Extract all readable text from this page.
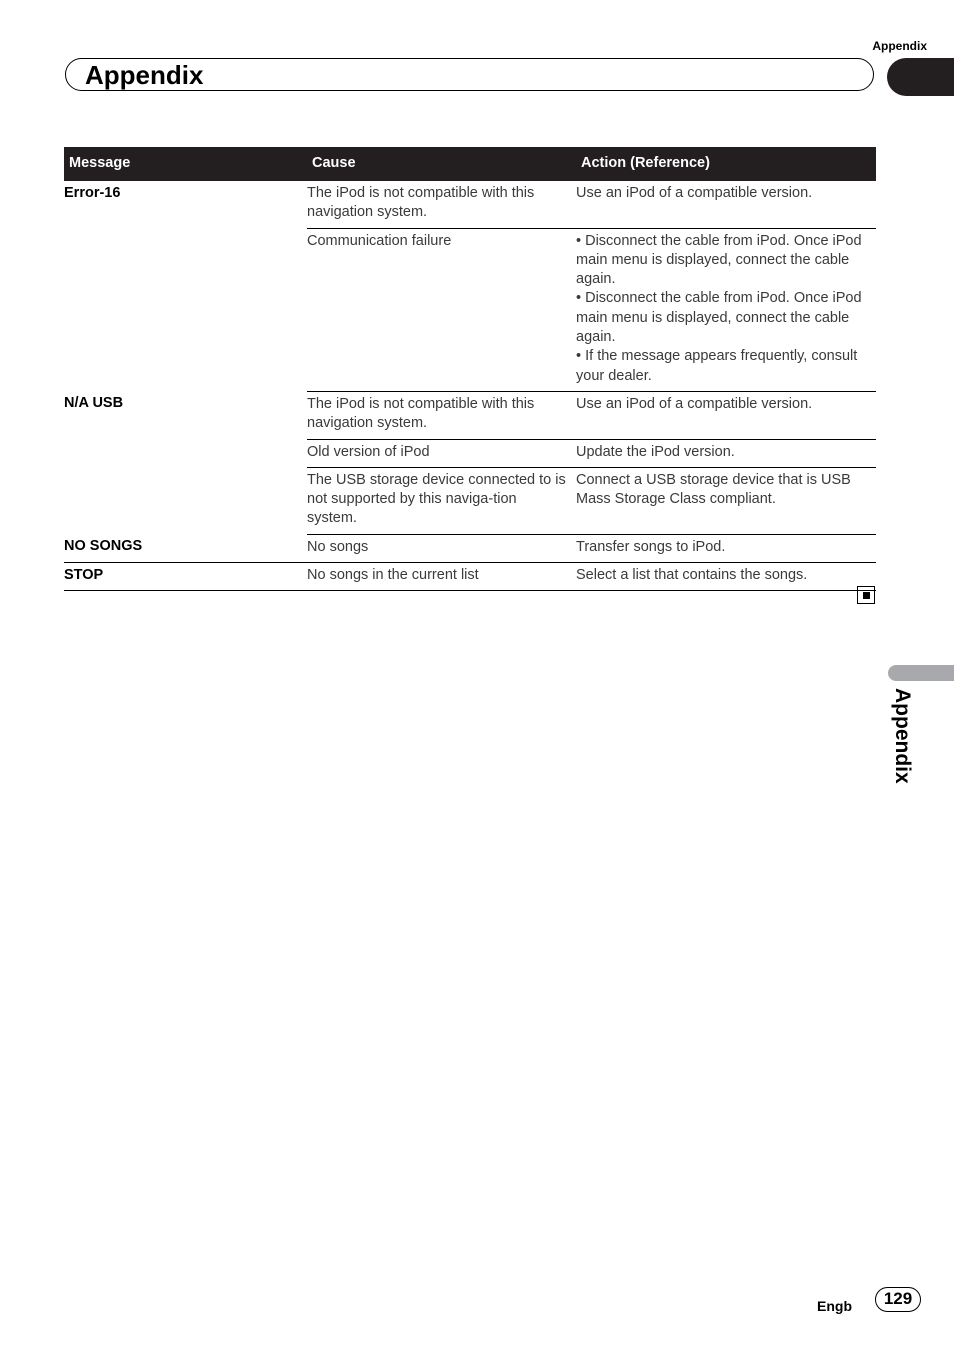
Appendix
Appendix
Message	Cause	Action (Reference)
Error-16	The iPod is not compatible with this navigation system.	Use an iPod of a compatible version.
	Communication failure	• Disconnect the cable from iPod. Once iPod main menu is displayed, connect the cable again.
• Disconnect the cable from iPod. Once iPod main menu is displayed, connect the cable again.
• If the message appears frequently, consult your dealer.

N/A USB	The iPod is not compatible with this navigation system.	Use an iPod of a compatible version.
	Old version of iPod	Update the iPod version.
	The USB storage device connected to is not supported by this naviga-tion system.	Connect a USB storage device that is USB Mass Storage Class compliant.
NO SONGS	No songs	Transfer songs to iPod.
STOP	No songs in the current list	Select a list that contains the songs.
Appendix
Engb	129
